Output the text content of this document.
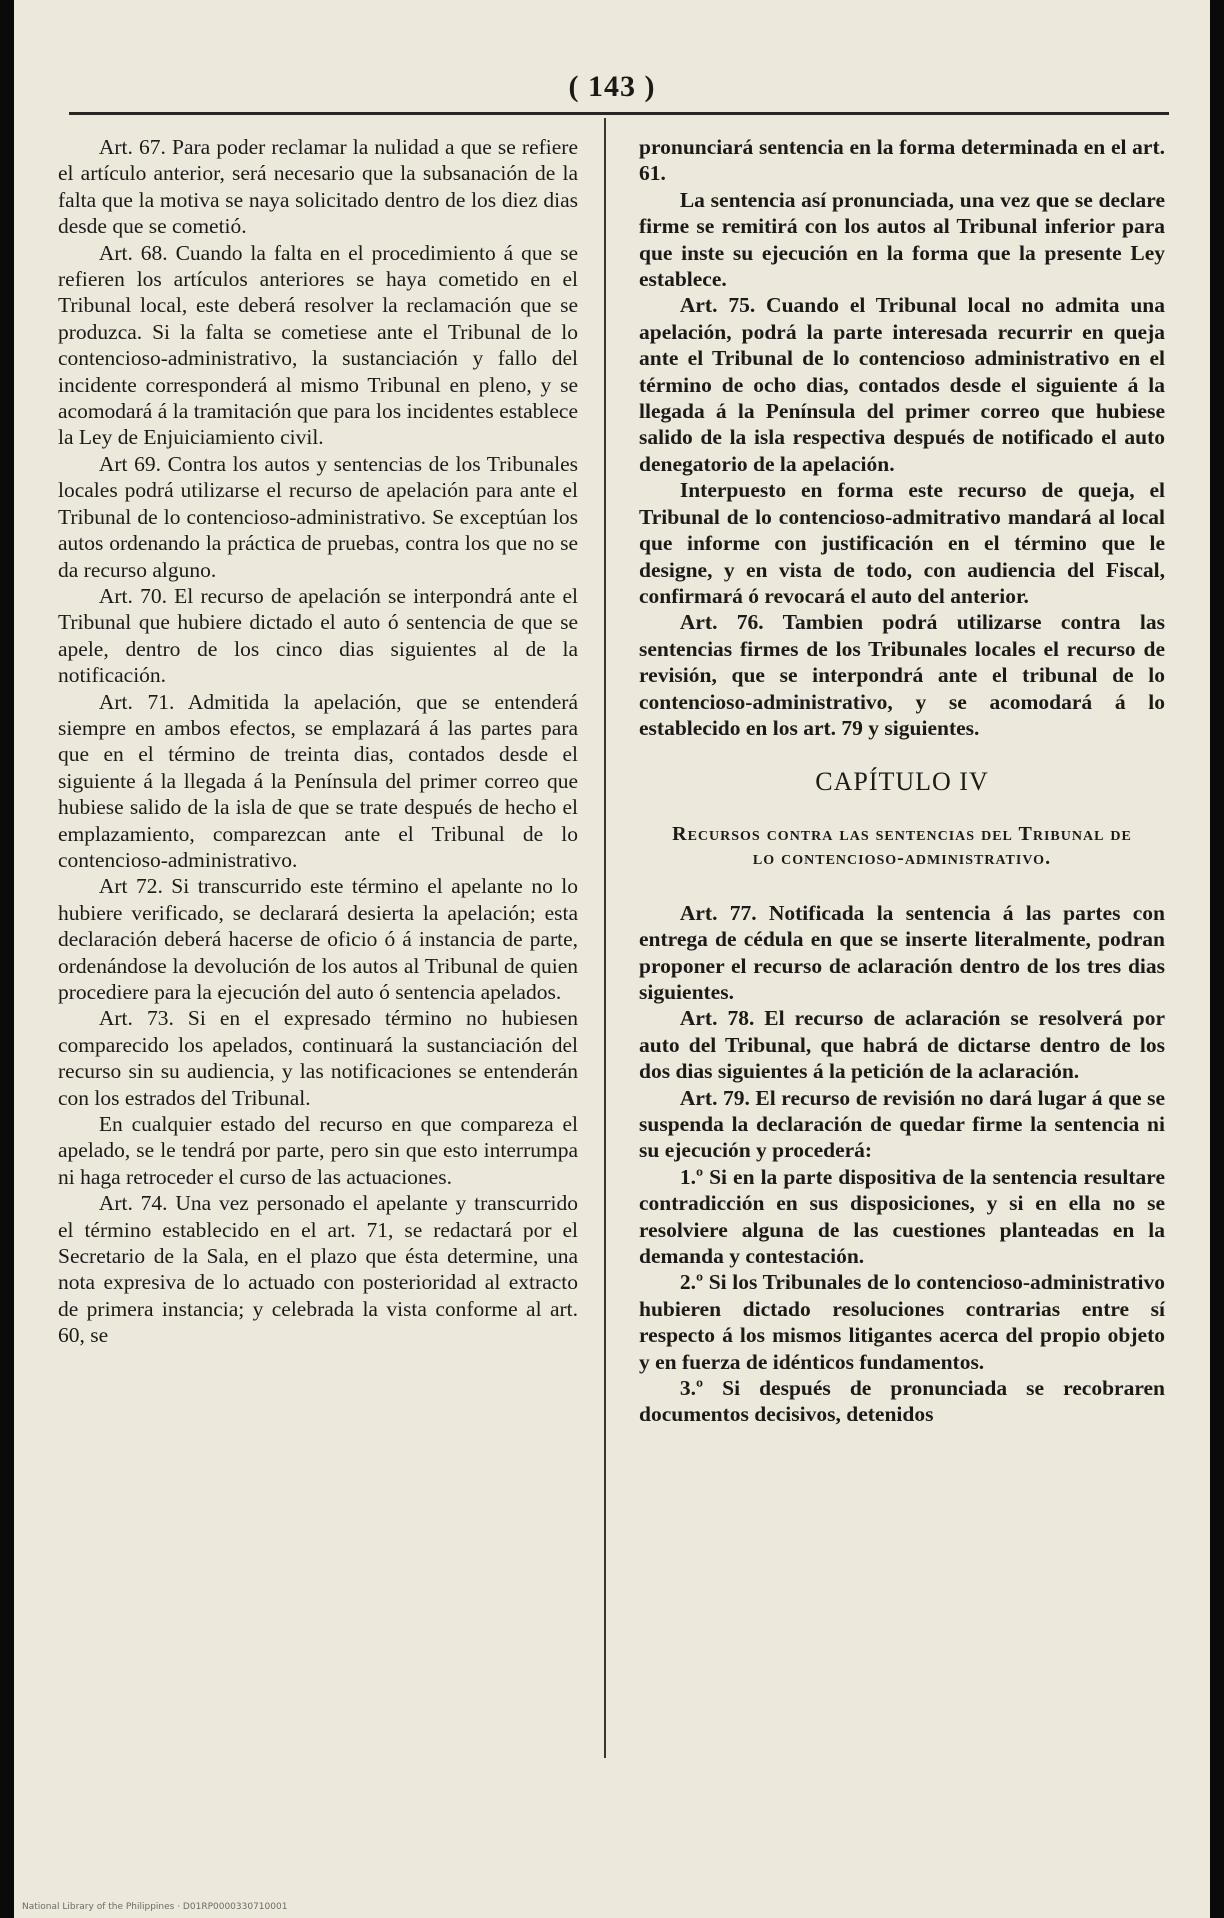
( 143 )

Art. 67. Para poder reclamar la nulidad a que se refiere el artículo anterior, será necesario que la subsanación de la falta que la motiva se naya solicitado dentro de los diez dias desde que se cometió.

Art. 68. Cuando la falta en el procedimiento á que se refieren los artículos anteriores se haya cometido en el Tribunal local, este deberá resolver la reclamación que se produzca. Si la falta se cometiese ante el Tribunal de lo contencioso-administrativo, la sustanciación y fallo del incidente corresponderá al mismo Tribunal en pleno, y se acomodará á la tramitación que para los incidentes establece la Ley de Enjuiciamiento civil.

Art 69. Contra los autos y sentencias de los Tribunales locales podrá utilizarse el recurso de apelación para ante el Tribunal de lo contencioso-administrativo. Se exceptúan los autos ordenando la práctica de pruebas, contra los que no se da recurso alguno.

Art. 70. El recurso de apelación se interpondrá ante el Tribunal que hubiere dictado el auto ó sentencia de que se apele, dentro de los cinco dias siguientes al de la notificación.

Art. 71. Admitida la apelación, que se entenderá siempre en ambos efectos, se emplazará á las partes para que en el término de treinta dias, contados desde el siguiente á la llegada á la Península del primer correo que hubiese salido de la isla de que se trate después de hecho el emplazamiento, comparezcan ante el Tribunal de lo contencioso-administrativo.

Art 72. Si transcurrido este término el apelante no lo hubiere verificado, se declarará desierta la apelación; esta declaración deberá hacerse de oficio ó á instancia de parte, ordenándose la devolución de los autos al Tribunal de quien procediere para la ejecución del auto ó sentencia apelados.

Art. 73. Si en el expresado término no hubiesen comparecido los apelados, continuará la sustanciación del recurso sin su audiencia, y las notificaciones se entenderán con los estrados del Tribunal.

En cualquier estado del recurso en que compareza el apelado, se le tendrá por parte, pero sin que esto interrumpa ni haga retroceder el curso de las actuaciones.

Art. 74. Una vez personado el apelante y transcurrido el término establecido en el art. 71, se redactará por el Secretario de la Sala, en el plazo que ésta determine, una nota expresiva de lo actuado con posterioridad al extracto de primera instancia; y celebrada la vista conforme al art. 60, se

pronunciará sentencia en la forma determinada en el art. 61.

La sentencia así pronunciada, una vez que se declare firme se remitirá con los autos al Tribunal inferior para que inste su ejecución en la forma que la presente Ley establece.

Art. 75. Cuando el Tribunal local no admita una apelación, podrá la parte interesada recurrir en queja ante el Tribunal de lo contencioso administrativo en el término de ocho dias, contados desde el siguiente á la llegada á la Península del primer correo que hubiese salido de la isla respectiva después de notificado el auto denegatorio de la apelación.

Interpuesto en forma este recurso de queja, el Tribunal de lo contencioso-admitrativo mandará al local que informe con justificación en el término que le designe, y en vista de todo, con audiencia del Fiscal, confirmará ó revocará el auto del anterior.

Art. 76. Tambien podrá utilizarse contra las sentencias firmes de los Tribunales locales el recurso de revisión, que se interpondrá ante el tribunal de lo contencioso-administrativo, y se acomodará á lo establecido en los art. 79 y siguientes.

CAPÍTULO IV
Recursos contra las sentencias del Tribunal de lo contencioso-administrativo.

Art. 77. Notificada la sentencia á las partes con entrega de cédula en que se inserte literalmente, podran proponer el recurso de aclaración dentro de los tres dias siguientes.

Art. 78. El recurso de aclaración se resolverá por auto del Tribunal, que habrá de dictarse dentro de los dos dias siguientes á la petición de la aclaración.

Art. 79. El recurso de revisión no dará lugar á que se suspenda la declaración de quedar firme la sentencia ni su ejecución y procederá:

1.º Si en la parte dispositiva de la sentencia resultare contradicción en sus disposiciones, y si en ella no se resolviere alguna de las cuestiones planteadas en la demanda y contestación.

2.º Si los Tribunales de lo contencioso-administrativo hubieren dictado resoluciones contrarias entre sí respecto á los mismos litigantes acerca del propio objeto y en fuerza de idénticos fundamentos.

3.º Si después de pronunciada se recobraren documentos decisivos, detenidos

National Library of the Philippines · D01RP0000330710001
